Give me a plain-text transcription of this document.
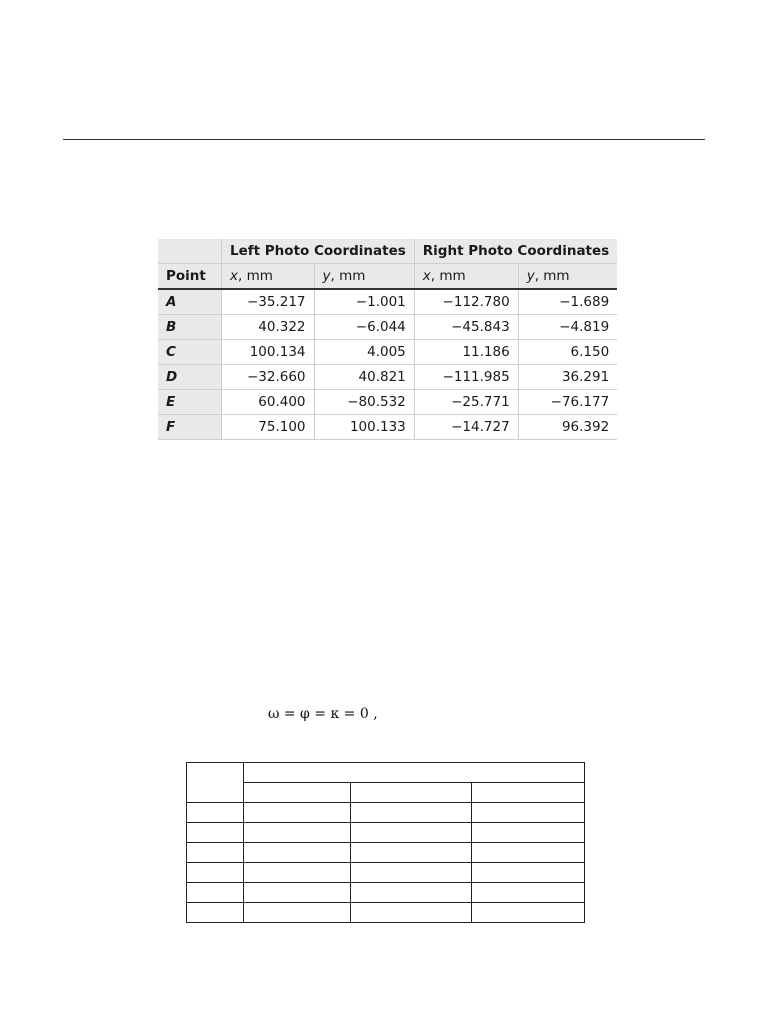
	Left Photo Coordinates		Right Photo Coordinates	
Point	x, mm	y, mm	x, mm	y, mm
A	−35.217	−1.001	−112.780	−1.689
B	40.322	−6.044	−45.843	−4.819
C	100.134	4.005	11.186	6.150
D	−32.660	40.821	−111.985	36.291
E	60.400	−80.532	−25.771	−76.177
F	75.100	100.133	−14.727	96.392
ω = φ = κ = 0 ,
